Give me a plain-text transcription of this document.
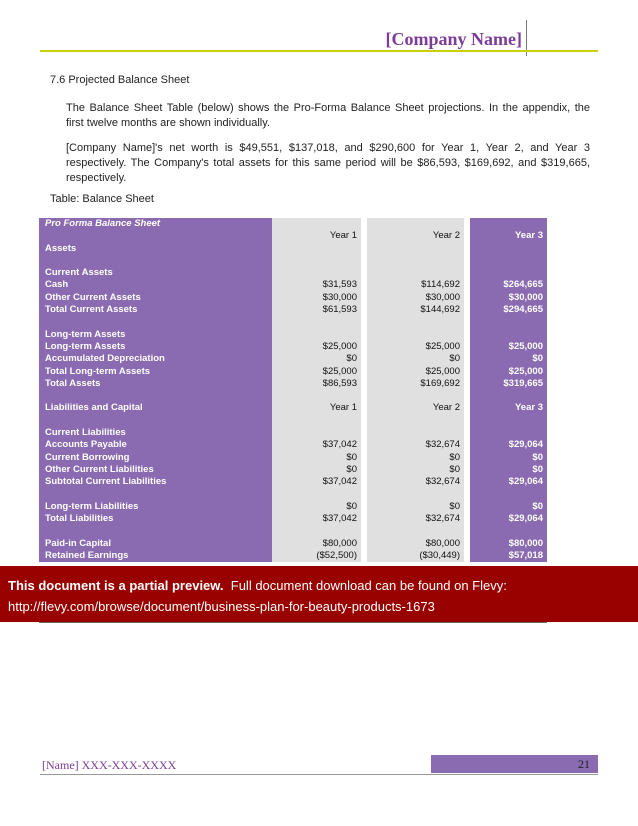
[Company Name]
7.6 Projected Balance Sheet
The Balance Sheet Table (below) shows the Pro-Forma Balance Sheet projections. In the appendix, the first twelve months are shown individually.
[Company Name]'s net worth is $49,551, $137,018, and $290,600 for Year 1, Year 2, and Year 3 respectively. The Company's total assets for this same period will be $86,593, $169,692, and $319,665, respectively.
Table: Balance Sheet
Pro Forma Balance Sheet
Year 1	Year 2	Year 3
Assets
Current Assets
Cash	$31,593	$114,692	$264,665
Other Current Assets	$30,000	$30,000	$30,000
Total Current Assets	$61,593	$144,692	$294,665
Long-term Assets
Long-term Assets	$25,000	$25,000	$25,000
Accumulated Depreciation	$0	$0	$0
Total Long-term Assets	$25,000	$25,000	$25,000
Total Assets	$86,593	$169,692	$319,665
Liabilities and Capital	Year 1	Year 2	Year 3
Current Liabilities
Accounts Payable	$37,042	$32,674	$29,064
Current Borrowing	$0	$0	$0
Other Current Liabilities	$0	$0	$0
Subtotal Current Liabilities	$37,042	$32,674	$29,064
Long-term Liabilities	$0	$0	$0
Total Liabilities	$37,042	$32,674	$29,064
Paid-in Capital	$80,000	$80,000	$80,000
Retained Earnings	($52,500)	($30,449)	$57,018
This document is a partial preview. Full document download can be found on Flevy:
http://flevy.com/browse/document/business-plan-for-beauty-products-1673
[Name] XXX-XXX-XXXX	21
